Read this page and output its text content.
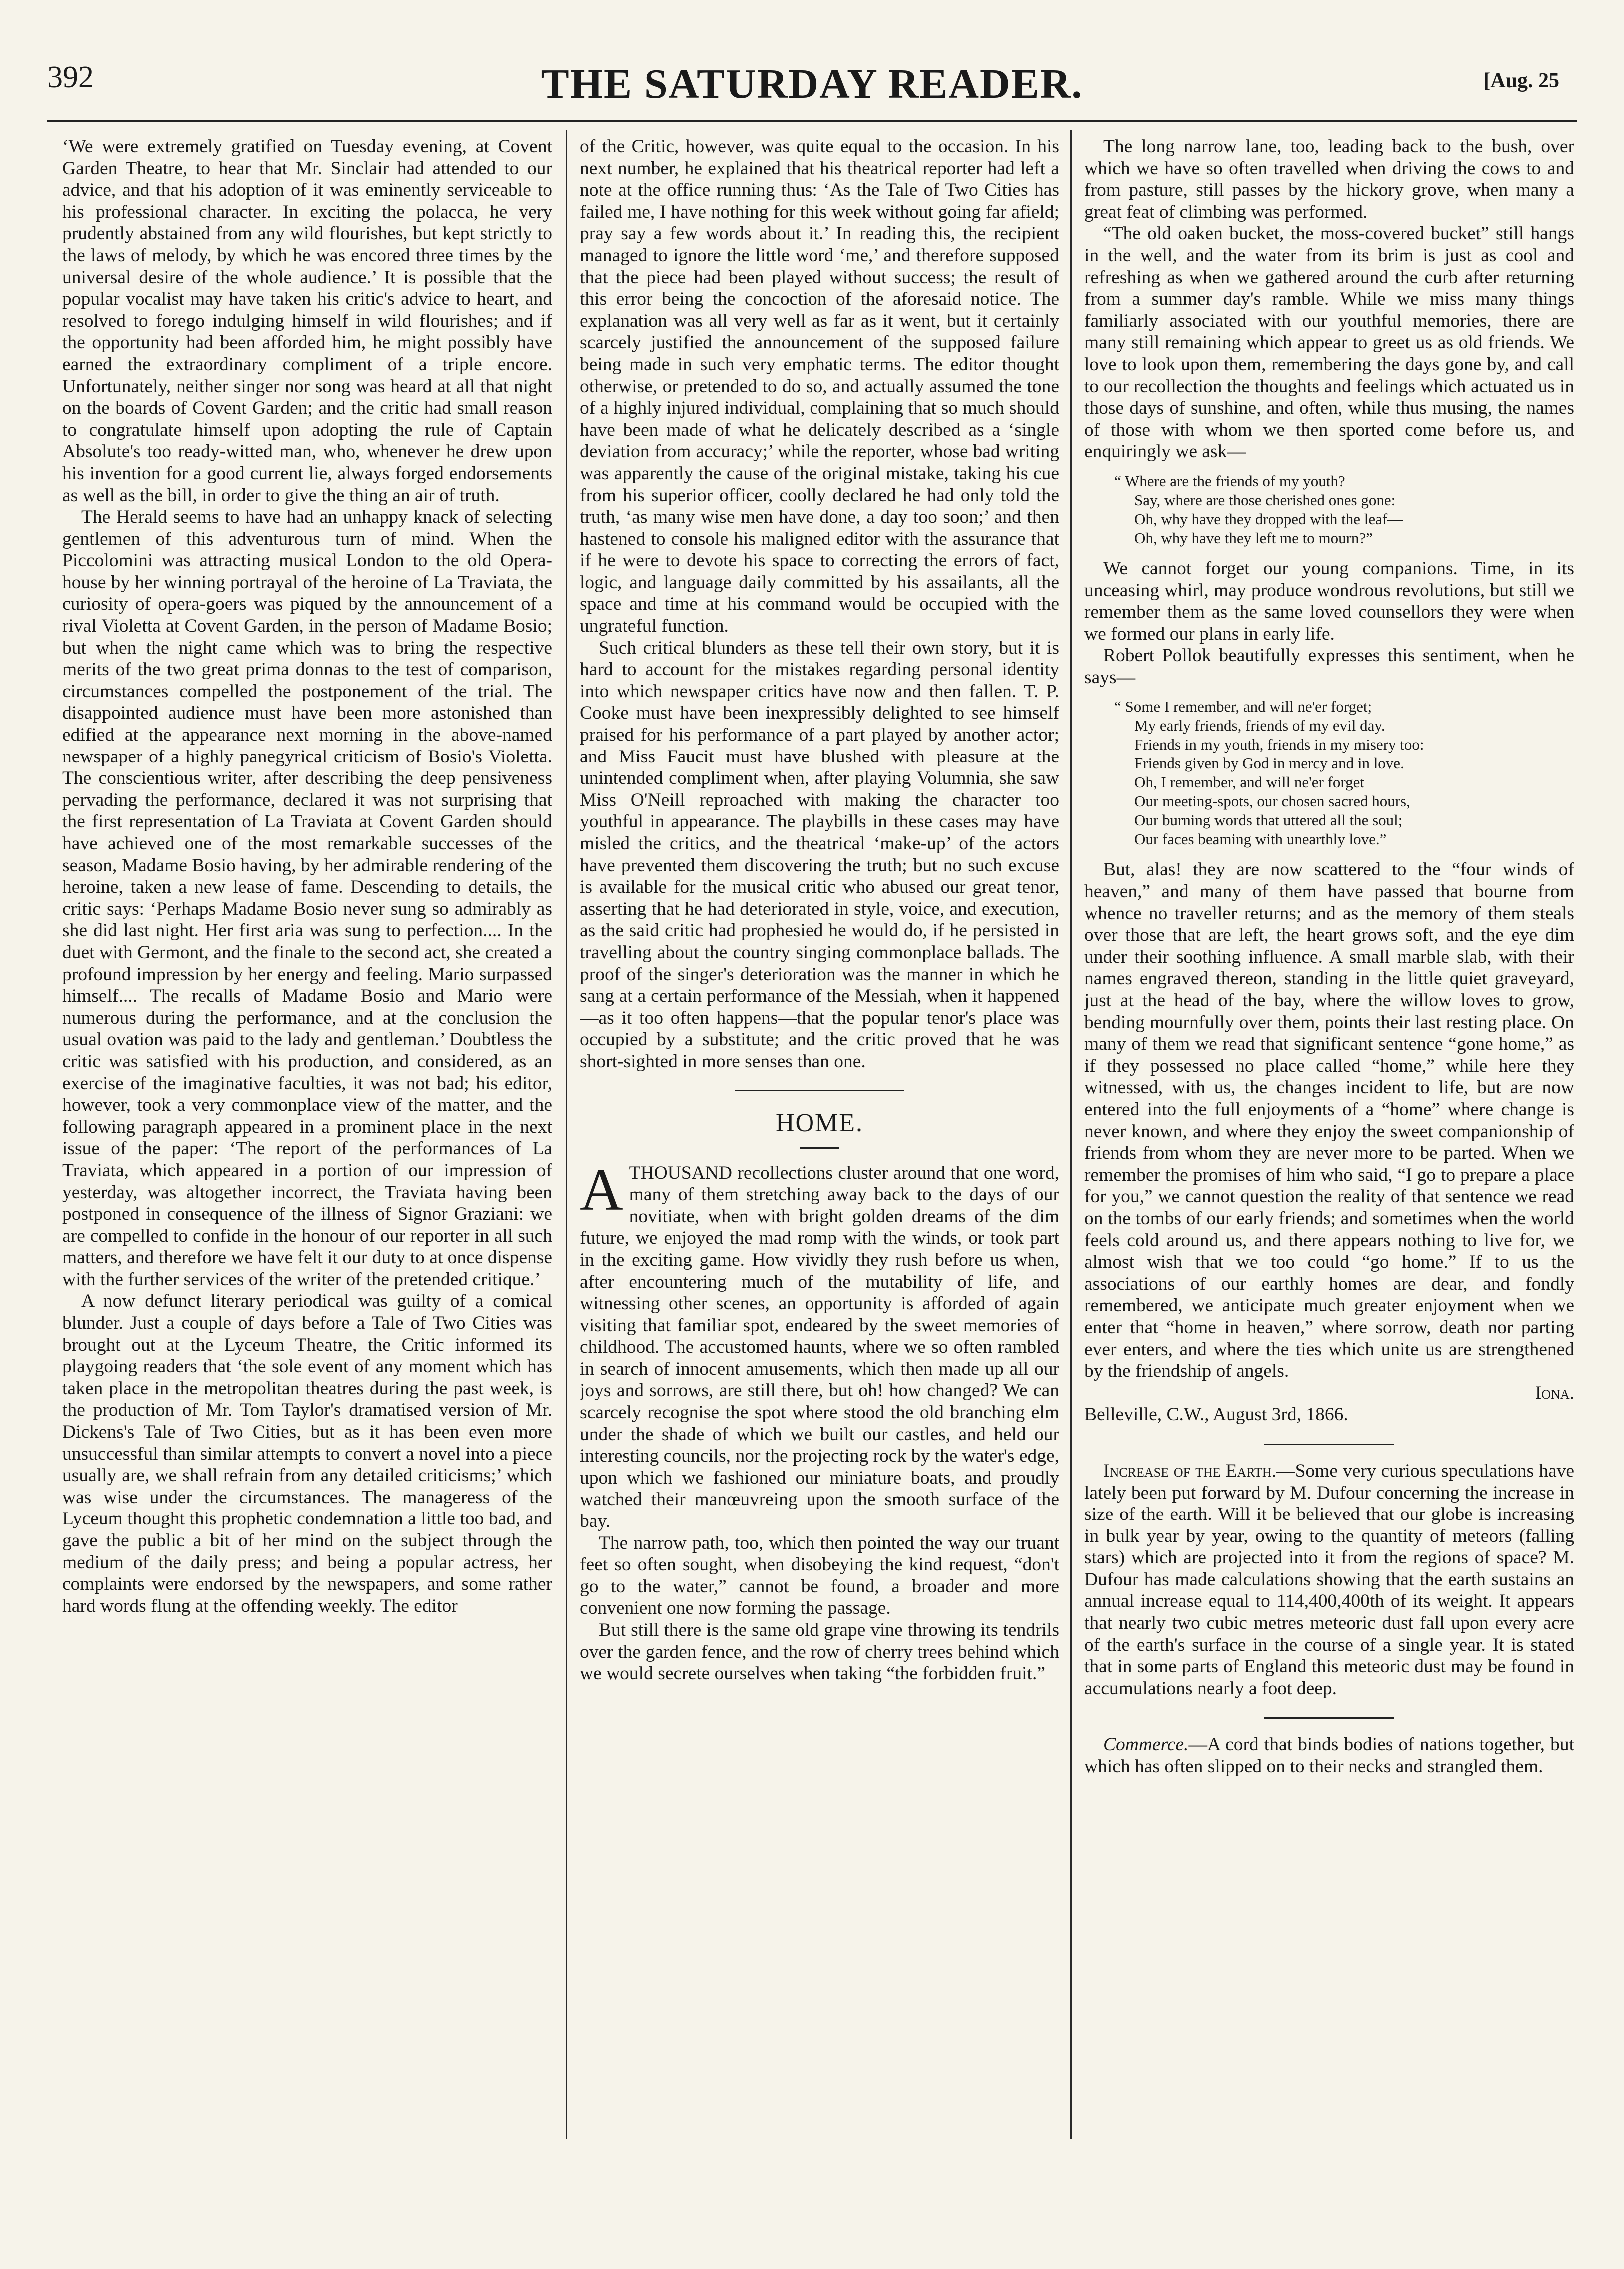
392	THE SATURDAY READER.	[Aug. 25

‘We were extremely gratified on Tuesday evening, at Covent Garden Theatre, to hear that Mr. Sinclair had attended to our advice, and that his adoption of it was eminently serviceable to his professional character. In exciting the polacca, he very prudently abstained from any wild flourishes, but kept strictly to the laws of melody, by which he was encored three times by the universal desire of the whole audience.’ It is possible that the popular vocalist may have taken his critic's advice to heart, and resolved to forego indulging himself in wild flourishes; and if the opportunity had been afforded him, he might possibly have earned the extraordinary compliment of a triple encore. Unfortunately, neither singer nor song was heard at all that night on the boards of Covent Garden; and the critic had small reason to congratulate himself upon adopting the rule of Captain Absolute's too ready-witted man, who, whenever he drew upon his invention for a good current lie, always forged endorsements as well as the bill, in order to give the thing an air of truth.

The Herald seems to have had an unhappy knack of selecting gentlemen of this adventurous turn of mind. When the Piccolomini was attracting musical London to the old Opera-house by her winning portrayal of the heroine of La Traviata, the curiosity of opera-goers was piqued by the announcement of a rival Violetta at Covent Garden, in the person of Madame Bosio; but when the night came which was to bring the respective merits of the two great prima donnas to the test of comparison, circumstances compelled the postponement of the trial. The disappointed audience must have been more astonished than edified at the appearance next morning in the above-named newspaper of a highly panegyrical criticism of Bosio's Violetta. The conscientious writer, after describing the deep pensiveness pervading the performance, declared it was not surprising that the first representation of La Traviata at Covent Garden should have achieved one of the most remarkable successes of the season, Madame Bosio having, by her admirable rendering of the heroine, taken a new lease of fame. Descending to details, the critic says: ‘Perhaps Madame Bosio never sung so admirably as she did last night. Her first aria was sung to perfection.... In the duet with Germont, and the finale to the second act, she created a profound impression by her energy and feeling. Mario surpassed himself.... The recalls of Madame Bosio and Mario were numerous during the performance, and at the conclusion the usual ovation was paid to the lady and gentleman.’ Doubtless the critic was satisfied with his production, and considered, as an exercise of the imaginative faculties, it was not bad; his editor, however, took a very commonplace view of the matter, and the following paragraph appeared in a prominent place in the next issue of the paper: ‘The report of the performances of La Traviata, which appeared in a portion of our impression of yesterday, was altogether incorrect, the Traviata having been postponed in consequence of the illness of Signor Graziani: we are compelled to confide in the honour of our reporter in all such matters, and therefore we have felt it our duty to at once dispense with the further services of the writer of the pretended critique.’

A now defunct literary periodical was guilty of a comical blunder. Just a couple of days before a Tale of Two Cities was brought out at the Lyceum Theatre, the Critic informed its playgoing readers that ‘the sole event of any moment which has taken place in the metropolitan theatres during the past week, is the production of Mr. Tom Taylor's dramatised version of Mr. Dickens's Tale of Two Cities, but as it has been even more unsuccessful than similar attempts to convert a novel into a piece usually are, we shall refrain from any detailed criticisms;’ which was wise under the circumstances. The manageress of the Lyceum thought this prophetic condemnation a little too bad, and gave the public a bit of her mind on the subject through the medium of the daily press; and being a popular actress, her complaints were endorsed by the newspapers, and some rather hard words flung at the offending weekly. The editor

of the Critic, however, was quite equal to the occasion. In his next number, he explained that his theatrical reporter had left a note at the office running thus: ‘As the Tale of Two Cities has failed me, I have nothing for this week without going far afield; pray say a few words about it.’ In reading this, the recipient managed to ignore the little word ‘me,’ and therefore supposed that the piece had been played without success; the result of this error being the concoction of the aforesaid notice. The explanation was all very well as far as it went, but it certainly scarcely justified the announcement of the supposed failure being made in such very emphatic terms. The editor thought otherwise, or pretended to do so, and actually assumed the tone of a highly injured individual, complaining that so much should have been made of what he delicately described as a ‘single deviation from accuracy;’ while the reporter, whose bad writing was apparently the cause of the original mistake, taking his cue from his superior officer, coolly declared he had only told the truth, ‘as many wise men have done, a day too soon;’ and then hastened to console his maligned editor with the assurance that if he were to devote his space to correcting the errors of fact, logic, and language daily committed by his assailants, all the space and time at his command would be occupied with the ungrateful function.

Such critical blunders as these tell their own story, but it is hard to account for the mistakes regarding personal identity into which newspaper critics have now and then fallen. T. P. Cooke must have been inexpressibly delighted to see himself praised for his performance of a part played by another actor; and Miss Faucit must have blushed with pleasure at the unintended compliment when, after playing Volumnia, she saw Miss O'Neill reproached with making the character too youthful in appearance. The playbills in these cases may have misled the critics, and the theatrical ‘make-up’ of the actors have prevented them discovering the truth; but no such excuse is available for the musical critic who abused our great tenor, asserting that he had deteriorated in style, voice, and execution, as the said critic had prophesied he would do, if he persisted in travelling about the country singing commonplace ballads. The proof of the singer's deterioration was the manner in which he sang at a certain performance of the Messiah, when it happened—as it too often happens—that the popular tenor's place was occupied by a substitute; and the critic proved that he was short-sighted in more senses than one.

HOME.

A THOUSAND recollections cluster around that one word, many of them stretching away back to the days of our novitiate, when with bright golden dreams of the dim future, we enjoyed the mad romp with the winds, or took part in the exciting game. How vividly they rush before us when, after encountering much of the mutability of life, and witnessing other scenes, an opportunity is afforded of again visiting that familiar spot, endeared by the sweet memories of childhood. The accustomed haunts, where we so often rambled in search of innocent amusements, which then made up all our joys and sorrows, are still there, but oh! how changed? We can scarcely recognise the spot where stood the old branching elm under the shade of which we built our castles, and held our interesting councils, nor the projecting rock by the water's edge, upon which we fashioned our miniature boats, and proudly watched their manœuvreing upon the smooth surface of the bay.

The narrow path, too, which then pointed the way our truant feet so often sought, when disobeying the kind request, “don't go to the water,” cannot be found, a broader and more convenient one now forming the passage.

But still there is the same old grape vine throwing its tendrils over the garden fence, and the row of cherry trees behind which we would secrete ourselves when taking “the forbidden fruit.”

The long narrow lane, too, leading back to the bush, over which we have so often travelled when driving the cows to and from pasture, still passes by the hickory grove, when many a great feat of climbing was performed.

“The old oaken bucket, the moss-covered bucket” still hangs in the well, and the water from its brim is just as cool and refreshing as when we gathered around the curb after returning from a summer day's ramble. While we miss many things familiarly associated with our youthful memories, there are many still remaining which appear to greet us as old friends. We love to look upon them, remembering the days gone by, and call to our recollection the thoughts and feelings which actuated us in those days of sunshine, and often, while thus musing, the names of those with whom we then sported come before us, and enquiringly we ask—

“ Where are the friends of my youth?
Say, where are those cherished ones gone:
Oh, why have they dropped with the leaf—
Oh, why have they left me to mourn?”

We cannot forget our young companions. Time, in its unceasing whirl, may produce wondrous revolutions, but still we remember them as the same loved counsellors they were when we formed our plans in early life.

Robert Pollok beautifully expresses this sentiment, when he says—

“ Some I remember, and will ne'er forget;
My early friends, friends of my evil day.
Friends in my youth, friends in my misery too:
Friends given by God in mercy and in love.
Oh, I remember, and will ne'er forget
Our meeting-spots, our chosen sacred hours,
Our burning words that uttered all the soul;
Our faces beaming with unearthly love.”

But, alas! they are now scattered to the “four winds of heaven,” and many of them have passed that bourne from whence no traveller returns; and as the memory of them steals over those that are left, the heart grows soft, and the eye dim under their soothing influence. A small marble slab, with their names engraved thereon, standing in the little quiet graveyard, just at the head of the bay, where the willow loves to grow, bending mournfully over them, points their last resting place. On many of them we read that significant sentence “gone home,” as if they possessed no place called “home,” while here they witnessed, with us, the changes incident to life, but are now entered into the full enjoyments of a “home” where change is never known, and where they enjoy the sweet companionship of friends from whom they are never more to be parted. When we remember the promises of him who said, “I go to prepare a place for you,” we cannot question the reality of that sentence we read on the tombs of our early friends; and sometimes when the world feels cold around us, and there appears nothing to live for, we almost wish that we too could “go home.” If to us the associations of our earthly homes are dear, and fondly remembered, we anticipate much greater enjoyment when we enter that “home in heaven,” where sorrow, death nor parting ever enters, and where the ties which unite us are strengthened by the friendship of angels.

Iona.

Belleville, C.W., August 3rd, 1866.

Increase of the Earth.—Some very curious speculations have lately been put forward by M. Dufour concerning the increase in size of the earth. Will it be believed that our globe is increasing in bulk year by year, owing to the quantity of meteors (falling stars) which are projected into it from the regions of space? M. Dufour has made calculations showing that the earth sustains an annual increase equal to 114,400,400th of its weight. It appears that nearly two cubic metres meteoric dust fall upon every acre of the earth's surface in the course of a single year. It is stated that in some parts of England this meteoric dust may be found in accumulations nearly a foot deep.

Commerce.—A cord that binds bodies of nations together, but which has often slipped on to their necks and strangled them.
